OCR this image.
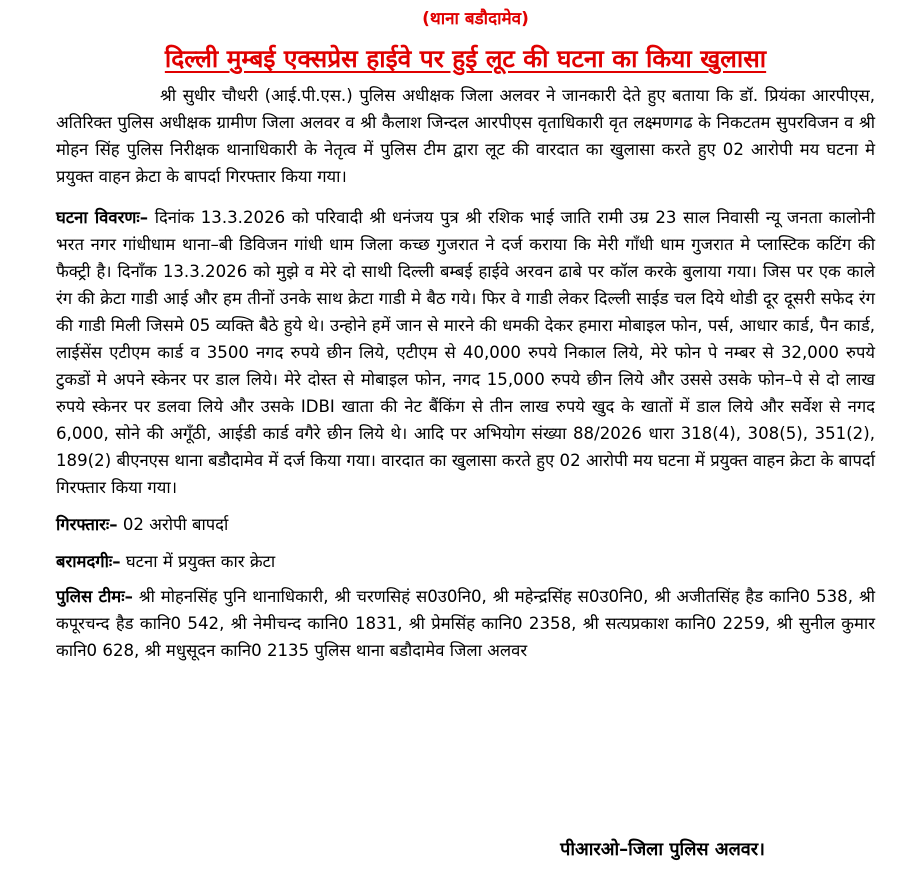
(थाना बडौदामेव)
दिल्ली मुम्बई एक्सप्रेस हाईवे पर हुई लूट की घटना का किया खुलासा

श्री सुधीर चौधरी (आई.पी.एस.) पुलिस अधीक्षक जिला अलवर ने जानकारी देते हुए बताया कि डॉ. प्रियंका आरपीएस, अतिरिक्त पुलिस अधीक्षक ग्रामीण जिला अलवर व श्री कैलाश जिन्दल आरपीएस वृताधिकारी वृत लक्ष्मणगढ के निकटतम सुपरविजन व श्री मोहन सिंह पुलिस निरीक्षक थानाधिकारी के नेतृत्व में पुलिस टीम द्वारा लूट की वारदात का खुलासा करते हुए 02 आरोपी मय घटना मे प्रयुक्त वाहन क्रेटा के बापर्दा गिरफ्तार किया गया।

घटना विवरणः– दिनांक 13.3.2026 को परिवादी श्री धनंजय पुत्र श्री रशिक भाई जाति रामी उम्र 23 साल निवासी न्यू जनता कालोनी भरत नगर गांधीधाम थाना–बी डिविजन गांधी धाम जिला कच्छ गुजरात ने दर्ज कराया कि मेरी गाँधी धाम गुजरात मे प्लास्टिक कटिंग की फैक्ट्री है। दिनाँक 13.3.2026 को मुझे व मेरे दो साथी दिल्ली बम्बई हाईवे अरवन ढाबे पर कॉल करके बुलाया गया। जिस पर एक काले रंग की क्रेटा गाडी आई और हम तीनों उनके साथ क्रेटा गाडी मे बैठ गये। फिर वे गाडी लेकर दिल्ली साईड चल दिये थोडी दूर दूसरी सफेद रंग की गाडी मिली जिसमे 05 व्यक्ति बैठे हुये थे। उन्होने हमें जान से मारने की धमकी देकर हमारा मोबाइल फोन, पर्स, आधार कार्ड, पैन कार्ड, लाईसेंस एटीएम कार्ड व 3500 नगद रुपये छीन लिये, एटीएम से 40,000 रुपये निकाल लिये, मेरे फोन पे नम्बर से 32,000 रुपये टुकडों मे अपने स्केनर पर डाल लिये। मेरे दोस्त से मोबाइल फोन, नगद 15,000 रुपये छीन लिये और उससे उसके फोन–पे से दो लाख रुपये स्केनर पर डलवा लिये और उसके IDBI खाता की नेट बैंकिंग से तीन लाख रुपये खुद के खातों में डाल लिये और सर्वेश से नगद 6,000, सोने की अगूँठी, आईडी कार्ड वगैरे छीन लिये थे। आदि पर अभियोग संख्या 88/2026 धारा 318(4), 308(5), 351(2), 189(2) बीएनएस थाना बडौदामेव में दर्ज किया गया। वारदात का खुलासा करते हुए 02 आरोपी मय घटना में प्रयुक्त वाहन क्रेटा के बापर्दा गिरफ्तार किया गया।

गिरफ्तारः– 02 अरोपी बापर्दा
बरामदगीः– घटना में प्रयुक्त कार क्रेटा

पुलिस टीमः– श्री मोहनसिंह पुनि थानाधिकारी, श्री चरणसिहं स0उ0नि0, श्री महेन्द्रसिंह स0उ0नि0, श्री अजीतसिंह हैड कानि0 538, श्री कपूरचन्द हैड कानि0 542, श्री नेमीचन्द कानि0 1831, श्री प्रेमसिंह कानि0 2358, श्री सत्यप्रकाश कानि0 2259, श्री सुनील कुमार कानि0 628, श्री मधुसूदन कानि0 2135 पुलिस थाना बडौदामेव जिला अलवर

पीआरओ–जिला पुलिस अलवर।
